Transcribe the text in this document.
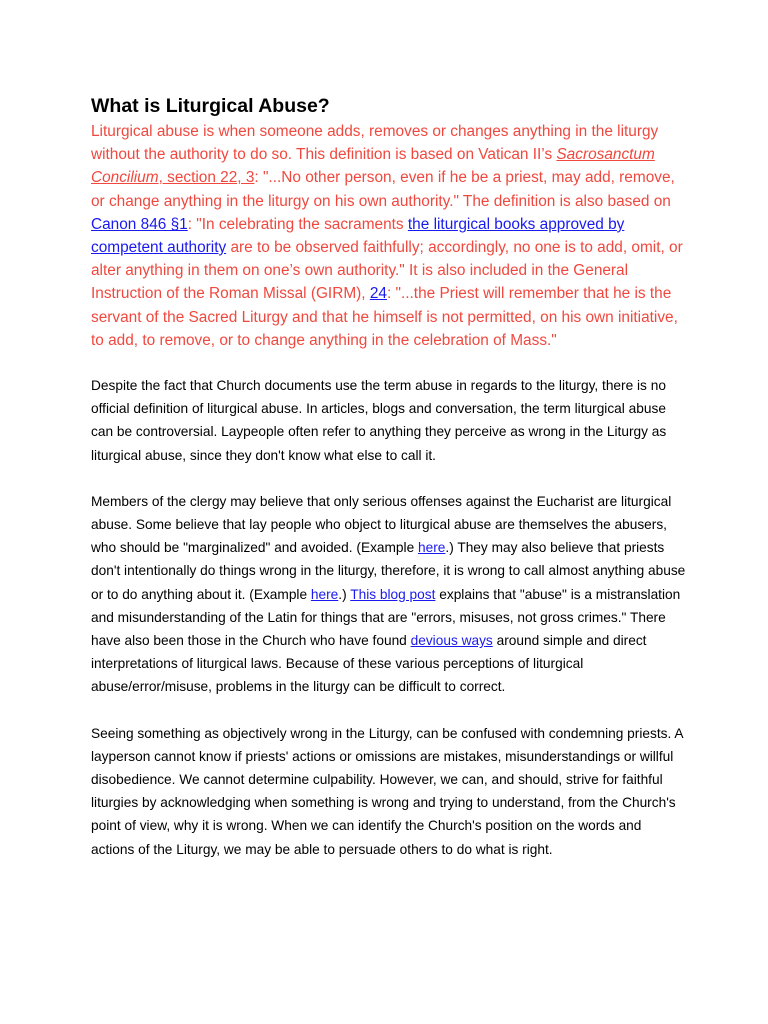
What is Liturgical Abuse?

Liturgical abuse is when someone adds, removes or changes anything in the liturgy without the authority to do so. This definition is based on Vatican II’s Sacrosanctum Concilium, section 22, 3: "...No other person, even if he be a priest, may add, remove, or change anything in the liturgy on his own authority." The definition is also based on Canon 846 §1: "In celebrating the sacraments the liturgical books approved by competent authority are to be observed faithfully; accordingly, no one is to add, omit, or alter anything in them on one’s own authority." It is also included in the General Instruction of the Roman Missal (GIRM), 24: "...the Priest will remember that he is the servant of the Sacred Liturgy and that he himself is not permitted, on his own initiative, to add, to remove, or to change anything in the celebration of Mass."

Despite the fact that Church documents use the term abuse in regards to the liturgy, there is no official definition of liturgical abuse. In articles, blogs and conversation, the term liturgical abuse can be controversial. Laypeople often refer to anything they perceive as wrong in the Liturgy as liturgical abuse, since they don't know what else to call it.

Members of the clergy may believe that only serious offenses against the Eucharist are liturgical abuse. Some believe that lay people who object to liturgical abuse are themselves the abusers, who should be "marginalized" and avoided. (Example here.) They may also believe that priests don't intentionally do things wrong in the liturgy, therefore, it is wrong to call almost anything abuse or to do anything about it. (Example here.) This blog post explains that "abuse" is a mistranslation and misunderstanding of the Latin for things that are "errors, misuses, not gross crimes." There have also been those in the Church who have found devious ways around simple and direct interpretations of liturgical laws. Because of these various perceptions of liturgical abuse/error/misuse, problems in the liturgy can be difficult to correct.

Seeing something as objectively wrong in the Liturgy, can be confused with condemning priests. A layperson cannot know if priests' actions or omissions are mistakes, misunderstandings or willful disobedience. We cannot determine culpability. However, we can, and should, strive for faithful liturgies by acknowledging when something is wrong and trying to understand, from the Church's point of view, why it is wrong. When we can identify the Church's position on the words and actions of the Liturgy, we may be able to persuade others to do what is right.
